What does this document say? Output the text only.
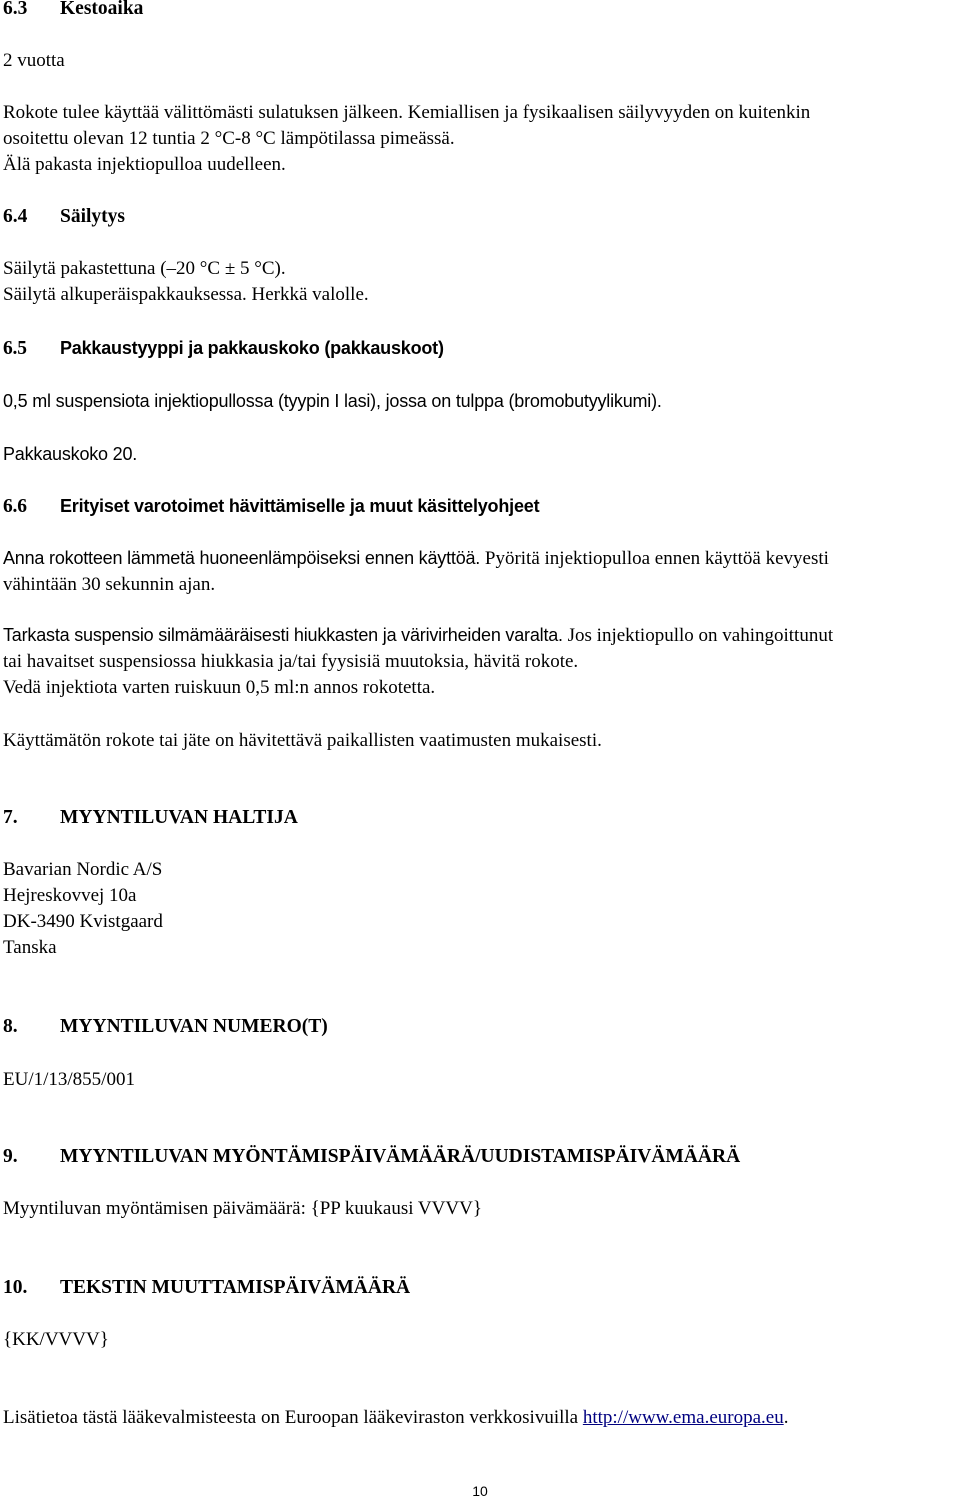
6.3 Kestoaika
2 vuotta

Rokote tulee käyttää välittömästi sulatuksen jälkeen. Kemiallisen ja fysikaalisen säilyvyyden on kuitenkin

osoitettu olevan 12 tuntia 2 °C-8 °C lämpötilassa pimeässä.

Älä pakasta injektiopulloa uudelleen.

6.4 Säilytys

Säilytä pakastettuna (–20 °C ± 5 °C).

Säilytä alkuperäispakkauksessa. Herkkä valolle.

6.5 Pakkaustyyppi ja pakkauskoko (pakkauskoot)
0,5 ml suspensiota injektiopullossa (tyypin I lasi), jossa on tulppa (bromobutyylikumi).
Pakkauskoko 20.
6.6 Erityiset varotoimet hävittämiselle ja muut käsittelyohjeet

Anna rokotteen lämmetä huoneenlämpöiseksi ennen käyttöä. Pyöritä injektiopulloa ennen käyttöä kevyesti

vähintään 30 sekunnin ajan.

Tarkasta suspensio silmämääräisesti hiukkasten ja värivirheiden varalta. Jos injektiopullo on vahingoittunut

tai havaitset suspensiossa hiukkasia ja/tai fyysisiä muutoksia, hävitä rokote.

Vedä injektiota varten ruiskuun 0,5 ml:n annos rokotetta.

Käyttämätön rokote tai jäte on hävitettävä paikallisten vaatimusten mukaisesti.
7. MYYNTILUVAN HALTIJA

Bavarian Nordic A/S

Hejreskovvej 10a

DK-3490 Kvistgaard

Tanska

8. MYYNTILUVAN NUMERO(T)
EU/1/13/855/001
9. MYYNTILUVAN MYÖNTÄMISPÄIVÄMÄÄRÄ/UUDISTAMISPÄIVÄMÄÄRÄ
Myyntiluvan myöntämisen päivämäärä: {PP kuukausi VVVV}
10. TEKSTIN MUUTTAMISPÄIVÄMÄÄRÄ
{KK/VVVV}
Lisätietoa tästä lääkevalmisteesta on Euroopan lääkeviraston verkkosivuilla http://www.ema.europa.eu.
10
